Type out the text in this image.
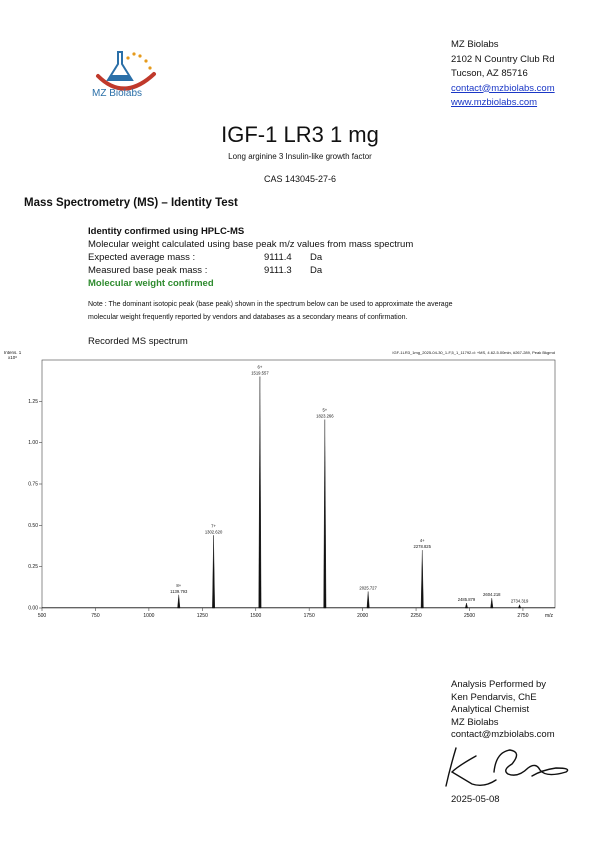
MZ Biolabs
MZ Biolabs
2102 N Country Club Rd
Tucson, AZ 85716
contact@mzbiolabs.com
www.mzbiolabs.com
IGF-1 LR3 1 mg
Long arginine 3 Insulin-like growth factor
CAS 143045-27-6
Mass Spectrometry (MS) – Identity Test
Identity confirmed using HPLC-MS
Molecular weight calculated using base peak m/z values from mass spectrum
Expected average mass :	9111.4 Da
Measured base peak mass :	9111.3 Da
Molecular weight confirmed
Note : The dominant isotopic peak (base peak) shown in the spectrum below can be used to approximate the average
molecular weight frequently reported by vendors and databases as a secondary means of confirmation.
Recorded MS spectrum
Intens. 1
x10⁶
IGF-1LR3_1mg_2025-04-30_1-F,5_1_11792.d: +MS, 4.62-5.00min, #267-289, Peak Bkgrnd
0.00
0.25
0.50
0.75
1.00
1.25
500	750	1000	1250	1500	1750	2000	2250	2500	2750	m/z
1139.793
8+
1302.620
7+
1519.557
6+
1823.266
5+
2025.727
2278.825
4+
2485.879
2604.218
2734.319
Analysis Performed by
Ken Pendarvis, ChE
Analytical Chemist
MZ Biolabs
contact@mzbiolabs.com
2025-05-08
